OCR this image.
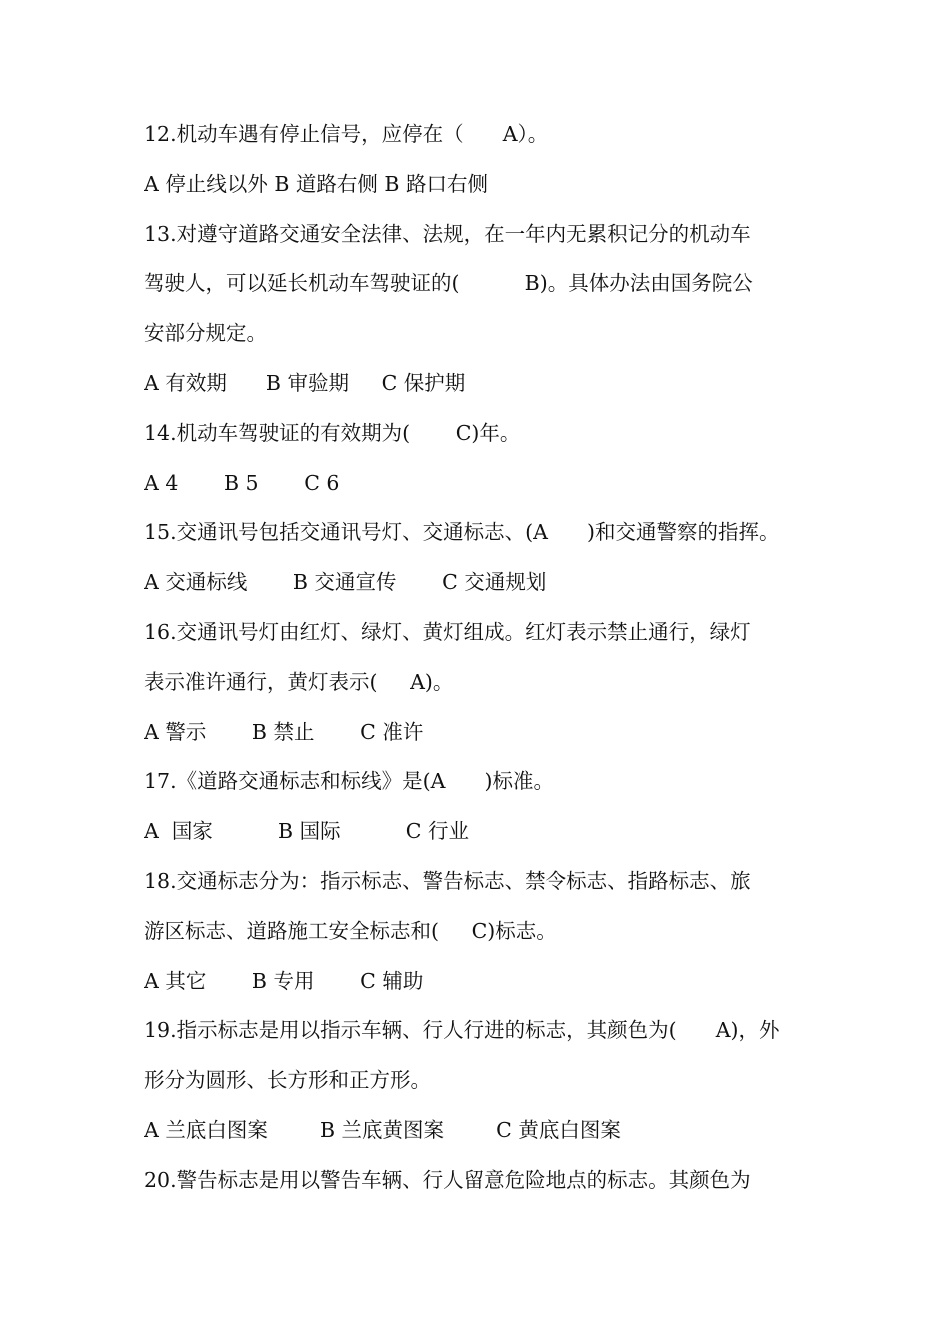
12.机动车遇有停止信号，应停在（      A）。
A 停止线以外 B 道路右侧 B 路口右侧
13.对遵守道路交通安全法律、法规，在一年内无累积记分的机动车
驾驶人，可以延长机动车驾驶证的(          B)。具体办法由国务院公
安部分规定。
A 有效期      B 审验期     C 保护期
14.机动车驾驶证的有效期为(       C)年。
A 4       B 5       C 6
15.交通讯号包括交通讯号灯、交通标志、(A      )和交通警察的指挥。
A 交通标线       B 交通宣传       C 交通规划
16.交通讯号灯由红灯、绿灯、黄灯组成。红灯表示禁止通行，绿灯
表示准许通行，黄灯表示(     A)。
A 警示       B 禁止       C 准许
17.《道路交通标志和标线》是(A      )标准。
A  国家          B 国际          C 行业
18.交通标志分为：指示标志、警告标志、禁令标志、指路标志、旅
游区标志、道路施工安全标志和(     C)标志。
A 其它       B 专用       C 辅助
19.指示标志是用以指示车辆、行人行进的标志，其颜色为(      A)，外
形分为圆形、长方形和正方形。
A 兰底白图案        B 兰底黄图案        C 黄底白图案
20.警告标志是用以警告车辆、行人留意危险地点的标志。其颜色为
